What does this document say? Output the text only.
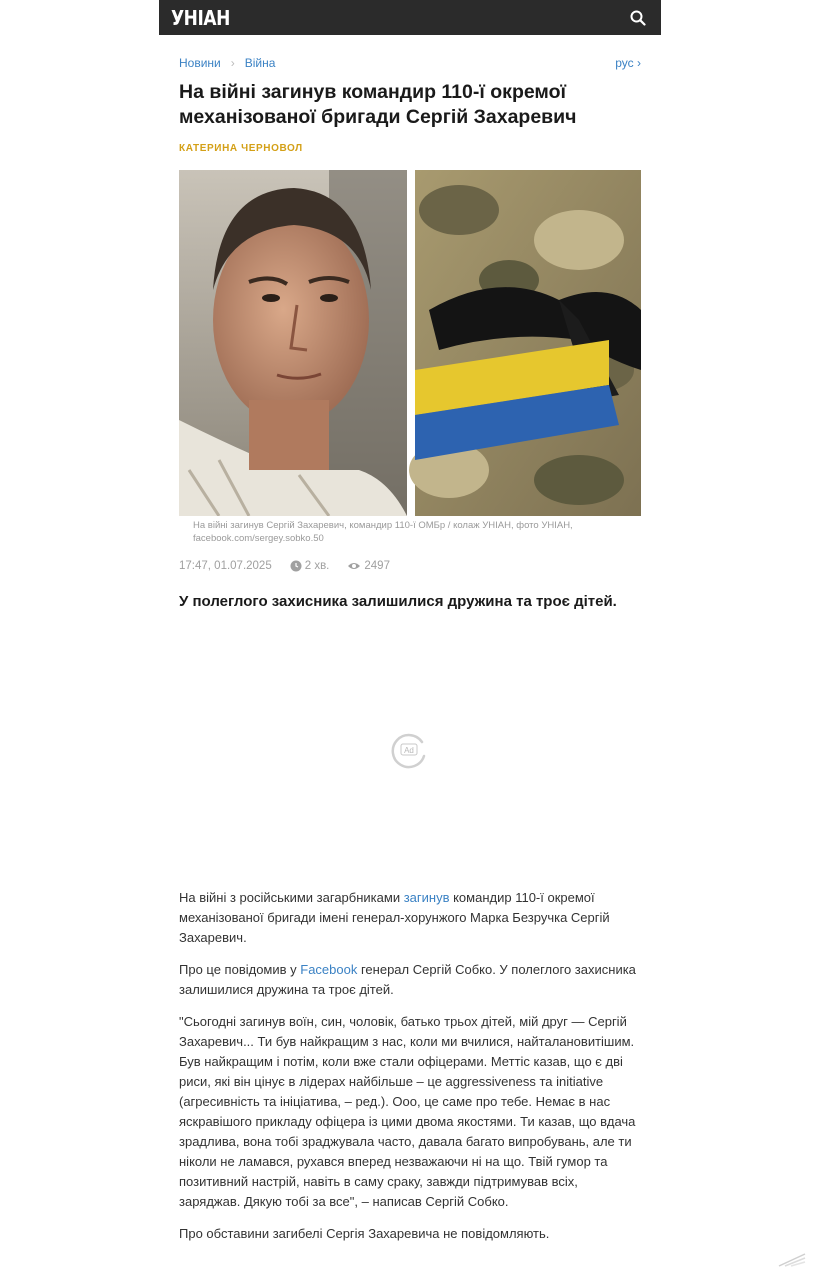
УНІАН
Новини › Війна	рус ›
На війні загинув командир 110-ї окремої механізованої бригади Сергій Захаревич
КАТЕРИНА ЧЕРНОВОЛ
На війні загинув Сергій Захаревич, командир 110-ї ОМБр / колаж УНІАН, фото УНІАН, facebook.com/sergey.sobko.50
17:47, 01.07.2025	2 хв.	2497

У полеглого захисника залишилися дружина та троє дітей.

Ad

На війні з російськими загарбниками загинув командир 110-ї окремої механізованої бригади імені генерал-хорунжого Марка Безручка Сергій Захаревич.

Про це повідомив у Facebook генерал Сергій Собко. У полеглого захисника залишилися дружина та троє дітей.

"Сьогодні загинув воїн, син, чоловік, батько трьох дітей, мій друг — Сергій Захаревич... Ти був найкращим з нас, коли ми вчилися, найталановитішим. Був найкращим і потім, коли вже стали офіцерами. Меттіс казав, що є дві риси, які він цінує в лідерах найбільше – це aggressiveness та initiative (агресивність та ініціатива, – ред.). Ооо, це саме про тебе. Немає в нас яскравішого прикладу офіцера із цими двома якостями. Ти казав, що вдача зрадлива, вона тобі зраджувала часто, давала багато випробувань, але ти ніколи не ламався, рухався вперед незважаючи ні на що. Твій гумор та позитивний настрій, навіть в саму сраку, завжди підтримував всіх, заряджав. Дякую тобі за все", – написав Сергій Собко.

Про обставини загибелі Сергія Захаревича не повідомляють.
